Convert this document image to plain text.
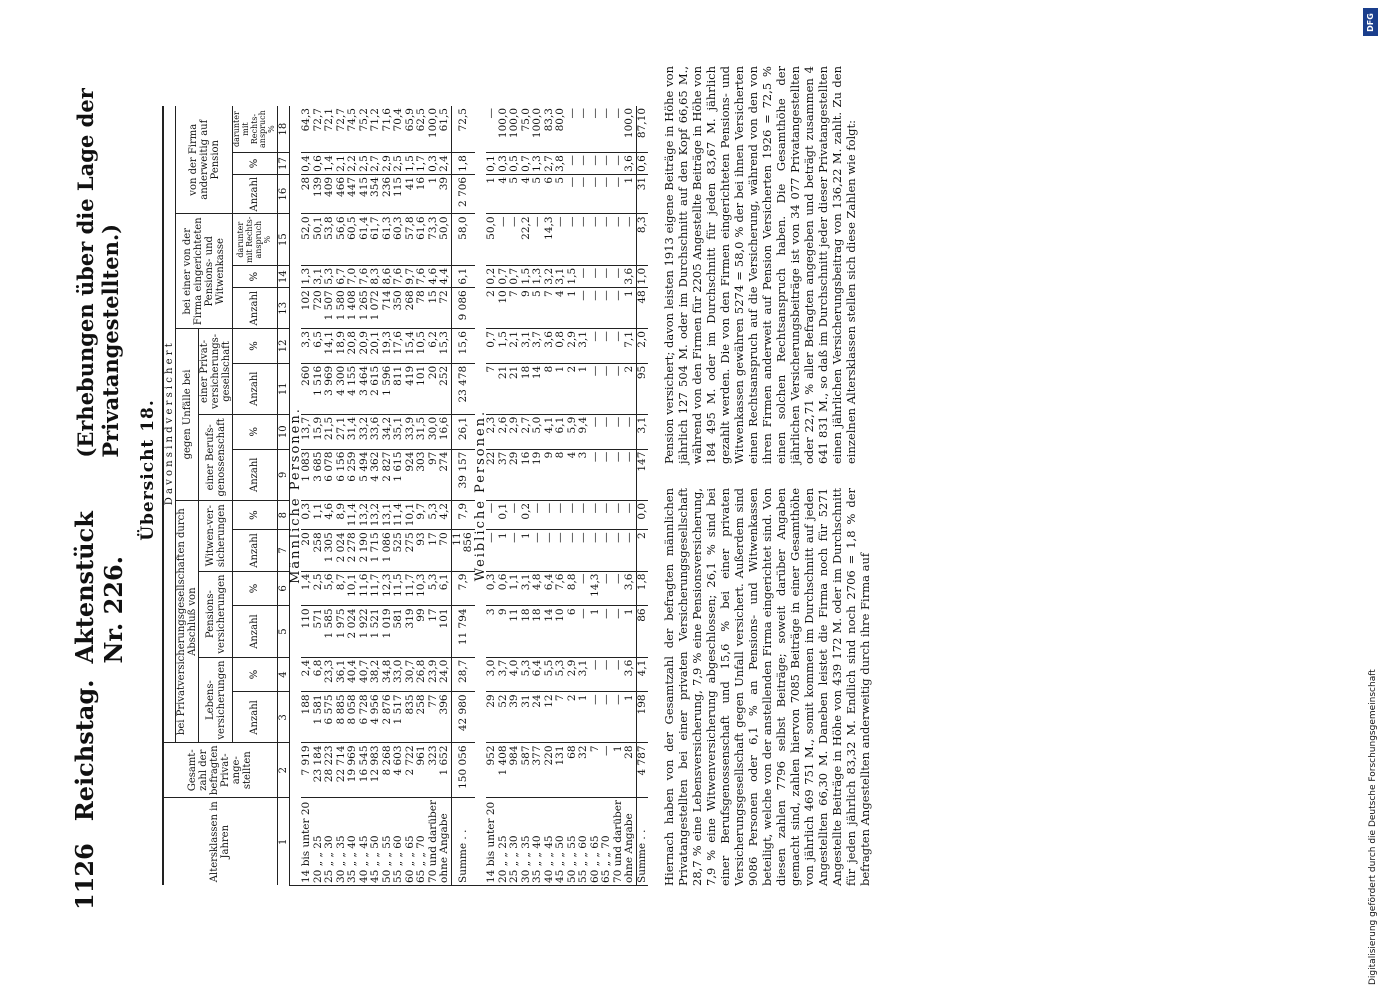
1126
Reichstag.
Aktenstück Nr. 226.
(Erhebungen über die Lage der Privatangestellten.)
Übersicht 18.
Altersklassen in Jahren	Gesamt-zahl der befragten Privat-ange-stellten	D a v o n s i n d v e r s i c h e r t															
		bei Privatversicherungsgesellschaften durch Abschluß von						gegen Unfälle bei				bei einer von der Firma eingerichteten Pensions- und Witwenkasse			von der Firma anderweitig auf Pension		
		Lebens-versicherungen		Pensions-versicherungen		Witwen-ver-sicherungen		einer Berufs-genossenschaft		einer Privat-versicherungs-gesellschaft							
		Anzahl	%	Anzahl	%	Anzahl	%	Anzahl	%	Anzahl	%	Anzahl	%	darunter mit Rechts-anspruch %	Anzahl	%	darunter mit Rechts-anspruch %
1	2	3	4	5	6	7	8	9	10	11	12	13	14	15	16	17	18
Männliche Personen.																	
14 bis unter 20	7 919	188	2,4	110	1,4	20	0,3	1 083	13,7	260	3,3	102	1,3	52,0	28	0,4	64,3
20 „ „ 25	23 184	1 581	6,8	571	2,5	258	1,1	3 685	15,9	1 516	6,5	720	3,1	50,1	139	0,6	72,7
25 „ „ 30	28 223	6 575	23,3	1 585	5,6	1 305	4,6	6 078	21,5	3 969	14,1	1 507	5,3	53,8	409	1,4	72,1
30 „ „ 35	22 714	8 885	36,1	1 975	8,7	2 024	8,9	6 156	27,1	4 300	18,9	1 580	6,7	56,6	466	2,1	72,7
35 „ „ 40	19 969	8 058	40,4	2 024	10,1	2 278	11,4	6 259	31,4	4 155	20,8	1 408	7,0	60,5	447	2,2	74,5
40 „ „ 45	16 545	6 728	40,7	1 922	11,6	2 190	13,2	5 494	33,2	3 464	20,9	1 265	7,6	61,4	415	2,5	75,2
45 „ „ 50	12 983	4 956	38,2	1 521	11,7	1 715	13,2	4 362	33,6	2 615	20,1	1 072	8,3	61,7	354	2,7	71,2
50 „ „ 55	8 268	2 876	34,8	1 019	12,3	1 086	13,1	2 827	34,2	1 596	19,3	714	8,6	61,3	236	2,9	71,6
55 „ „ 60	4 603	1 517	33,0	581	11,5	525	11,4	1 615	35,1	811	17,6	350	7,6	60,3	115	2,5	70,4
60 „ „ 65	2 722	835	30,7	319	11,7	275	10,1	924	33,9	419	15,4	268	9,7	57,8	41	1,5	65,9
65 „ „ 70	961	258	26,8	99	10,3	93	9,7	303	31,5	101	10,5	78	7,6	61,6	16	1,7	62,5
70 und darüber	323	77	23,9	17	5,3	17	5,3	97	30,0	20	6,2	15	4,6	73,3	1	0,3	100,0
ohne Angabe	1 652	396	24,0	101	6,1	70	4,2	274	16,6	252	15,3	72	4,4	50,0	39	2,4	61,5
Summe . .	150 056	42 980	28,7	11 794	7,9	11 856	7,9	39 157	26,1	23 478	15,6	9 086	6,1	58,0	2 706	1,8	72,5
Weibliche Personen.																	
14 bis unter 20	952	29	3,0	3	0,3	—	—	22	2,3	7	0,7	2	0,2	50,0	1	0,1	—
20 „ „ 25	1 408	52	3,7	9	0,6	1	0,1	37	2,6	21	1,5	10	0,7	—	4	0,3	100,0
25 „ „ 30	984	39	4,0	11	1,1	—	—	29	2,9	21	2,1	7	0,7	—	5	0,5	100,0
30 „ „ 35	587	31	5,3	18	3,1	1	0,2	16	2,7	18	3,1	9	1,5	22,2	4	0,7	75,0
35 „ „ 40	377	24	6,4	18	4,8	—	—	19	5,0	14	3,7	5	1,3	—	5	1,3	100,0
40 „ „ 45	220	12	5,5	14	6,4	—	—	9	4,1	8	3,6	7	3,2	14,3	6	2,7	83,3
45 „ „ 50	131	7	5,3	10	7,6	—	—	8	6,1	1	0,8	4	3,1	—	5	3,8	80,0
50 „ „ 55	68	2	2,9	6	8,8	—	—	4	5,9	2	2,9	1	1,5	—	—	—	—
55 „ „ 60	32	1	3,1	—	—	—	—	3	9,4	1	3,1	—	—	—	—	—	—
60 „ „ 65	7	—	—	1	14,3	—	—	—	—	—	—	—	—	—	—	—	—
65 „ „ 70	—	—	—	—	—	—	—	—	—	—	—	—	—	—	—	—	—
70 und darüber	1	—	—	—	—	—	—	—	—	—	—	—	—	—	—	—	—
ohne Angabe	28	1	3,6	1	3,6	—	—	—	—	2	7,1	1	3,6	—	1	3,6	100,0
Summe . .	4 787	198	4,1	86	1,8	2	0,0	147	3,1	95	2,0	48	1,0	8,3	31	0,6	87,10

Hiernach haben von der Gesamtzahl der befragten männlichen Privatangestellten bei einer privaten Versicherungsgesellschaft 28,7 % eine Lebensversicherung, 7,9 % eine Pensionsversicherung, 7,9 % eine Witwenversicherung abgeschlossen; 26,1 % sind bei einer Berufsgenossenschaft und 15,6 % bei einer privaten Versicherungsgesellschaft gegen Unfall versichert. Außerdem sind 9086 Personen oder 6,1 % an Pensions- und Witwenkassen beteiligt, welche von der anstellenden Firma eingerichtet sind. Von diesen zahlen 7796 selbst Beiträge; soweit darüber Angaben gemacht sind, zahlen hiervon 7085 Beiträge in einer Gesamthöhe von jährlich 469 751 M., somit kommen im Durchschnitt auf jeden Angestellten 66,30 M. Daneben leistet die Firma noch für 5271 Angestellte Beiträge in Höhe von 439 172 M. oder im Durchschnitt für jeden jährlich 83,32 M. Endlich sind noch 2706 = 1,8 % der befragten Angestellten anderweitig durch ihre Firma auf

Pension versichert; davon leisten 1913 eigene Beiträge in Höhe von jährlich 127 504 M. oder im Durchschnitt auf den Kopf 66,65 M., während von den Firmen für 2205 Angestellte Beiträge in Höhe von 184 495 M. oder im Durchschnitt für jeden 83,67 M. jährlich gezahlt werden. Die von den Firmen eingerichteten Pensions- und Witwenkassen gewähren 5274 = 58,0 % der bei ihnen Versicherten einen Rechtsanspruch auf die Versicherung, während von den von ihren Firmen anderweit auf Pension Versicherten 1926 = 72,5 % einen solchen Rechtsanspruch haben. Die Gesamthöhe der jährlichen Versicherungsbeiträge ist von 34 077 Privatangestellten oder 22,71 % aller Befragten angegeben und beträgt zusammen 4 641 831 M., so daß im Durchschnitt jeder dieser Privatangestellten einen jährlichen Versicherungsbeitrag von 136,22 M. zahlt. Zu den einzelnen Altersklassen stellen sich diese Zahlen wie folgt:

Digitalisierung gefördert durch die Deutsche Forschungsgemeinschaft
DFG
